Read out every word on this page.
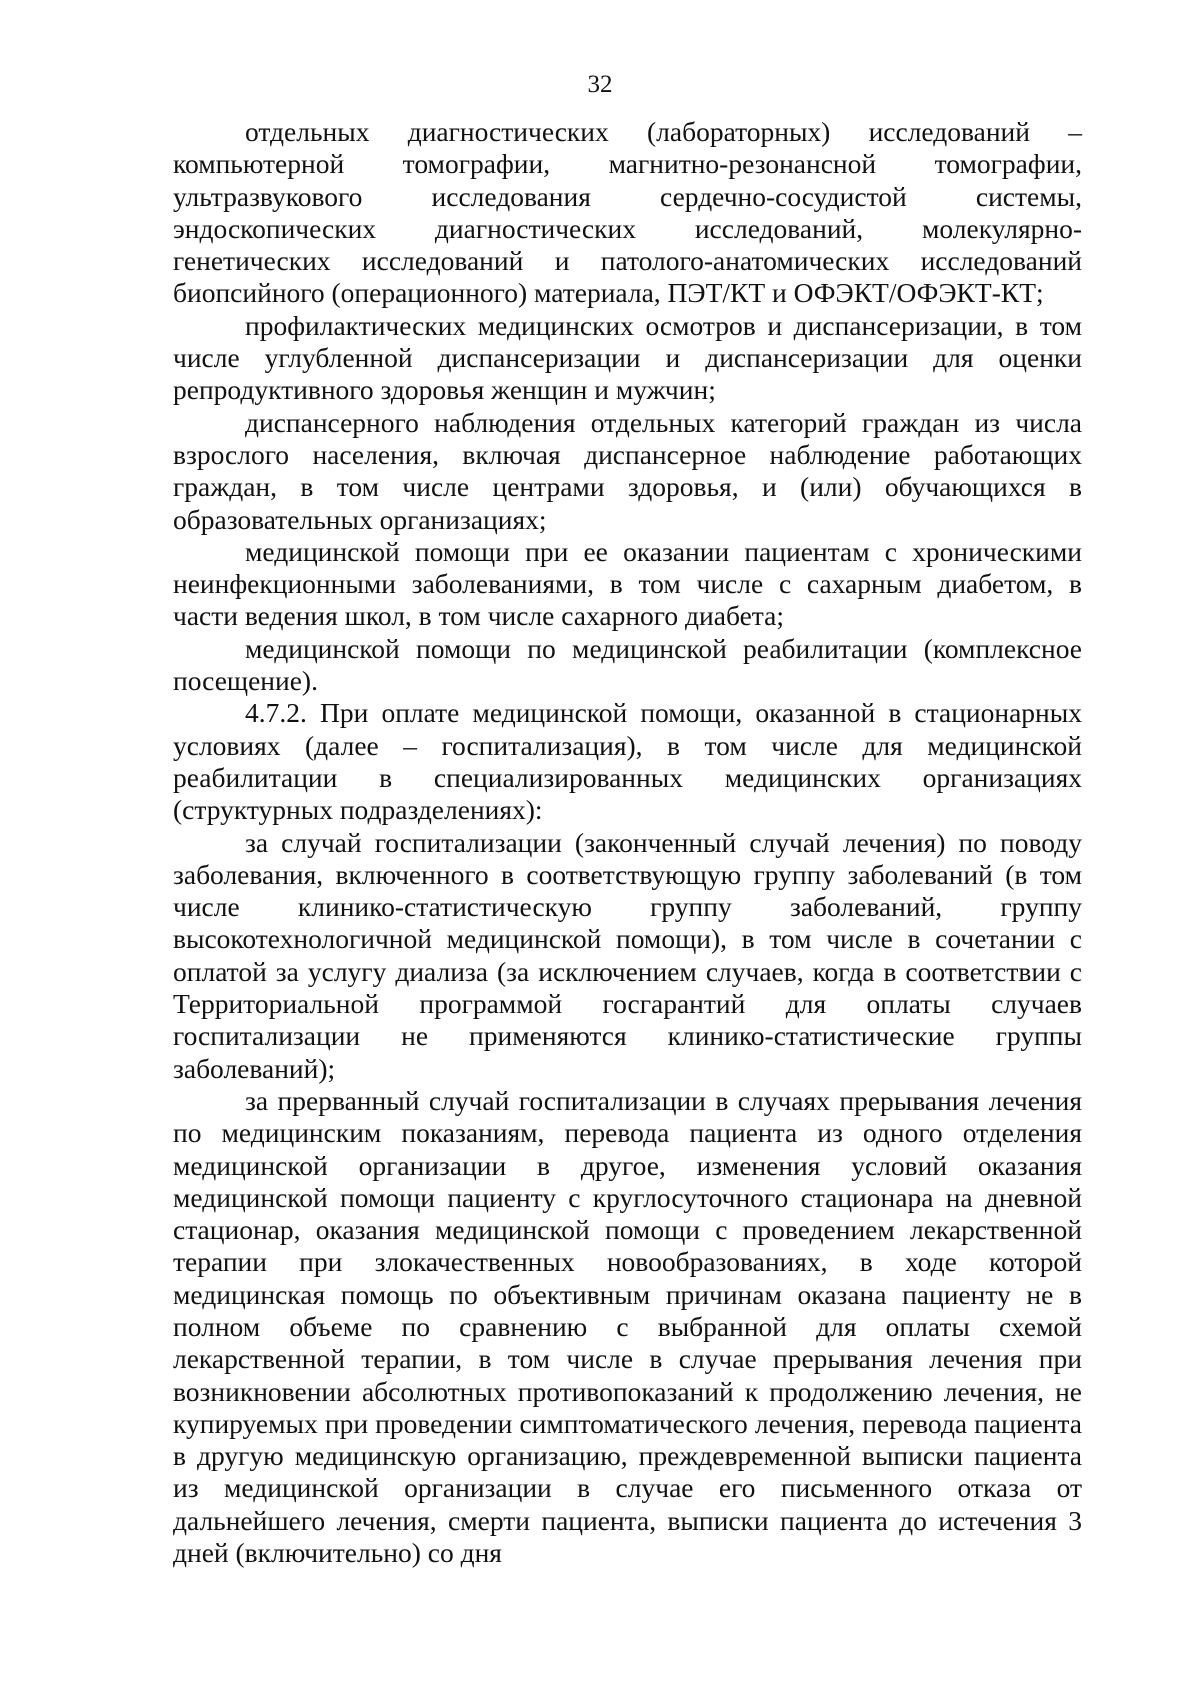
32

отдельных диагностических (лабораторных) исследований – компьютерной томографии, магнитно-резонансной томографии, ультразвукового исследования сердечно-сосудистой системы, эндоскопических диагностических исследований, молекулярно-генетических исследований и патолого-анатомических исследований биопсийного (операционного) материала, ПЭТ/КТ и ОФЭКТ/ОФЭКТ-КТ;

профилактических медицинских осмотров и диспансеризации, в том числе углубленной диспансеризации и диспансеризации для оценки репродуктивного здоровья женщин и мужчин;

диспансерного наблюдения отдельных категорий граждан из числа взрослого населения, включая диспансерное наблюдение работающих граждан, в том числе центрами здоровья, и (или) обучающихся в образовательных организациях;

медицинской помощи при ее оказании пациентам с хроническими неинфекционными заболеваниями, в том числе с сахарным диабетом, в части ведения школ, в том числе сахарного диабета;

медицинской помощи по медицинской реабилитации (комплексное посещение).

4.7.2. При оплате медицинской помощи, оказанной в стационарных условиях (далее – госпитализация), в том числе для медицинской реабилитации в специализированных медицинских организациях (структурных подразделениях):

за случай госпитализации (законченный случай лечения) по поводу заболевания, включенного в соответствующую группу заболеваний (в том числе клинико-статистическую группу заболеваний, группу высокотехнологичной медицинской помощи), в том числе в сочетании с оплатой за услугу диализа (за исключением случаев, когда в соответствии с Территориальной программой госгарантий для оплаты случаев госпитализации не применяются клинико-статистические группы заболеваний);

за прерванный случай госпитализации в случаях прерывания лечения по медицинским показаниям, перевода пациента из одного отделения медицинской организации в другое, изменения условий оказания медицинской помощи пациенту с круглосуточного стационара на дневной стационар, оказания медицинской помощи с проведением лекарственной терапии при злокачественных новообразованиях, в ходе которой медицинская помощь по объективным причинам оказана пациенту не в полном объеме по сравнению с выбранной для оплаты схемой лекарственной терапии, в том числе в случае прерывания лечения при возникновении абсолютных противопоказаний к продолжению лечения, не купируемых при проведении симптоматического лечения, перевода пациента в другую медицинскую организацию, преждевременной выписки пациента из медицинской организации в случае его письменного отказа от дальнейшего лечения, смерти пациента, выписки пациента до истечения 3 дней (включительно) со дня
